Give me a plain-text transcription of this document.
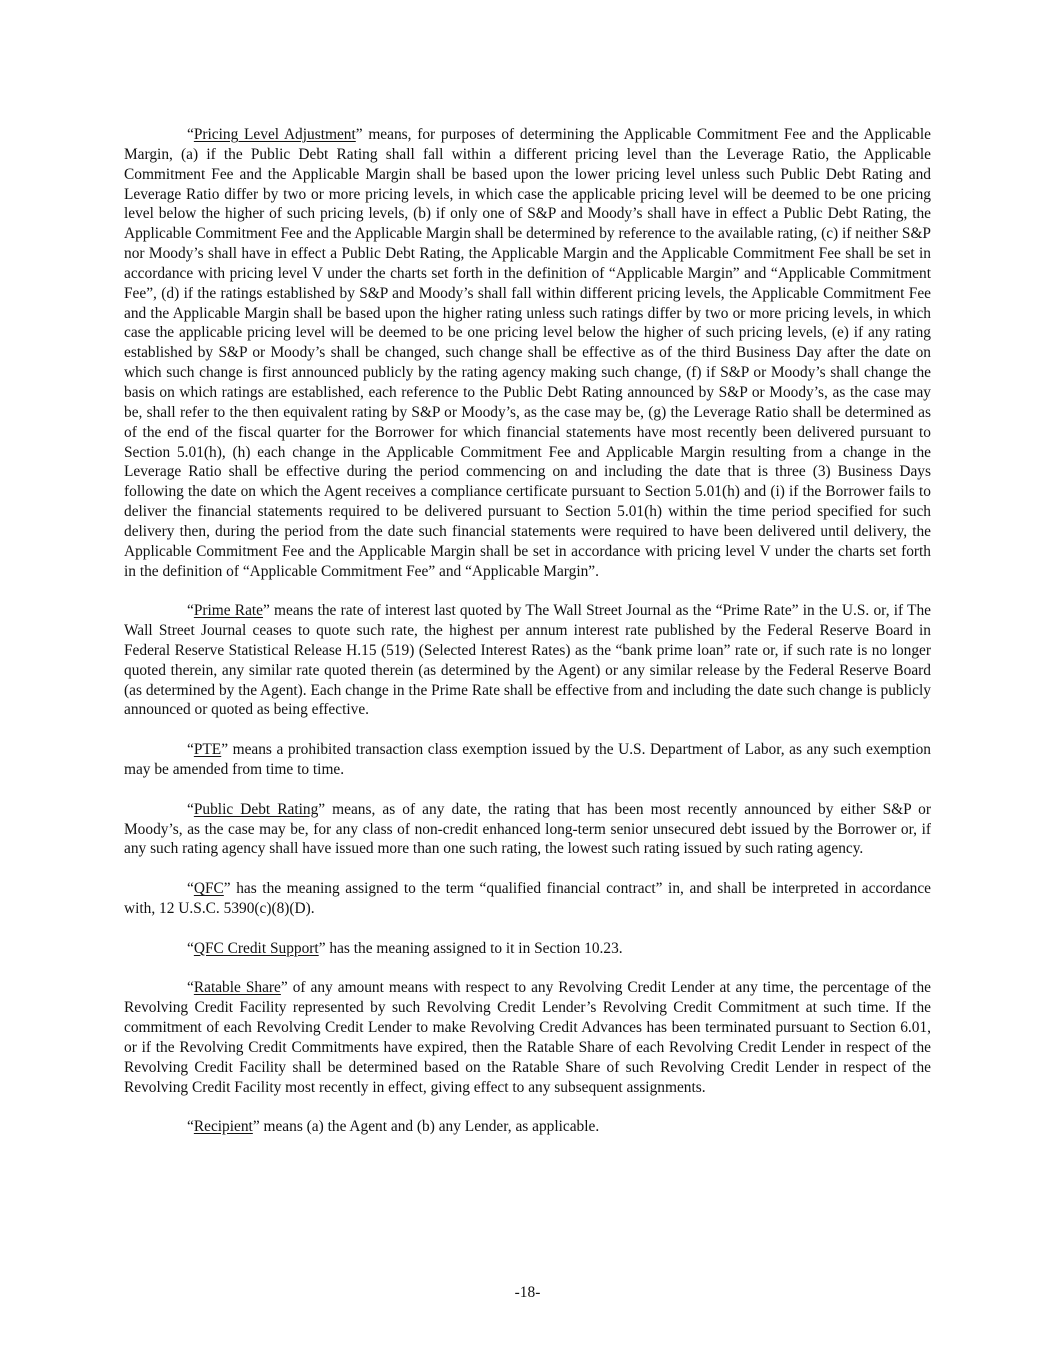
“Pricing Level Adjustment” means, for purposes of determining the Applicable Commitment Fee and the Applicable Margin, (a) if the Public Debt Rating shall fall within a different pricing level than the Leverage Ratio, the Applicable Commitment Fee and the Applicable Margin shall be based upon the lower pricing level unless such Public Debt Rating and Leverage Ratio differ by two or more pricing levels, in which case the applicable pricing level will be deemed to be one pricing level below the higher of such pricing levels, (b) if only one of S&P and Moody’s shall have in effect a Public Debt Rating, the Applicable Commitment Fee and the Applicable Margin shall be determined by reference to the available rating, (c) if neither S&P nor Moody’s shall have in effect a Public Debt Rating, the Applicable Margin and the Applicable Commitment Fee shall be set in accordance with pricing level V under the charts set forth in the definition of “Applicable Margin” and “Applicable Commitment Fee”, (d) if the ratings established by S&P and Moody’s shall fall within different pricing levels, the Applicable Commitment Fee and the Applicable Margin shall be based upon the higher rating unless such ratings differ by two or more pricing levels, in which case the applicable pricing level will be deemed to be one pricing level below the higher of such pricing levels, (e) if any rating established by S&P or Moody’s shall be changed, such change shall be effective as of the third Business Day after the date on which such change is first announced publicly by the rating agency making such change, (f) if S&P or Moody’s shall change the basis on which ratings are established, each reference to the Public Debt Rating announced by S&P or Moody’s, as the case may be, shall refer to the then equivalent rating by S&P or Moody’s, as the case may be, (g) the Leverage Ratio shall be determined as of the end of the fiscal quarter for the Borrower for which financial statements have most recently been delivered pursuant to Section 5.01(h), (h) each change in the Applicable Commitment Fee and Applicable Margin resulting from a change in the Leverage Ratio shall be effective during the period commencing on and including the date that is three (3) Business Days following the date on which the Agent receives a compliance certificate pursuant to Section 5.01(h) and (i) if the Borrower fails to deliver the financial statements required to be delivered pursuant to Section 5.01(h) within the time period specified for such delivery then, during the period from the date such financial statements were required to have been delivered until delivery, the Applicable Commitment Fee and the Applicable Margin shall be set in accordance with pricing level V under the charts set forth in the definition of “Applicable Commitment Fee” and “Applicable Margin”.

“Prime Rate” means the rate of interest last quoted by The Wall Street Journal as the “Prime Rate” in the U.S. or, if The Wall Street Journal ceases to quote such rate, the highest per annum interest rate published by the Federal Reserve Board in Federal Reserve Statistical Release H.15 (519) (Selected Interest Rates) as the “bank prime loan” rate or, if such rate is no longer quoted therein, any similar rate quoted therein (as determined by the Agent) or any similar release by the Federal Reserve Board (as determined by the Agent). Each change in the Prime Rate shall be effective from and including the date such change is publicly announced or quoted as being effective.

“PTE” means a prohibited transaction class exemption issued by the U.S. Department of Labor, as any such exemption may be amended from time to time.

“Public Debt Rating” means, as of any date, the rating that has been most recently announced by either S&P or Moody’s, as the case may be, for any class of non-credit enhanced long-term senior unsecured debt issued by the Borrower or, if any such rating agency shall have issued more than one such rating, the lowest such rating issued by such rating agency.

“QFC” has the meaning assigned to the term “qualified financial contract” in, and shall be interpreted in accordance with, 12 U.S.C. 5390(c)(8)(D).

“QFC Credit Support” has the meaning assigned to it in Section 10.23.

“Ratable Share” of any amount means with respect to any Revolving Credit Lender at any time, the percentage of the Revolving Credit Facility represented by such Revolving Credit Lender’s Revolving Credit Commitment at such time. If the commitment of each Revolving Credit Lender to make Revolving Credit Advances has been terminated pursuant to Section 6.01, or if the Revolving Credit Commitments have expired, then the Ratable Share of each Revolving Credit Lender in respect of the Revolving Credit Facility shall be determined based on the Ratable Share of such Revolving Credit Lender in respect of the Revolving Credit Facility most recently in effect, giving effect to any subsequent assignments.

“Recipient” means (a) the Agent and (b) any Lender, as applicable.

-18-
